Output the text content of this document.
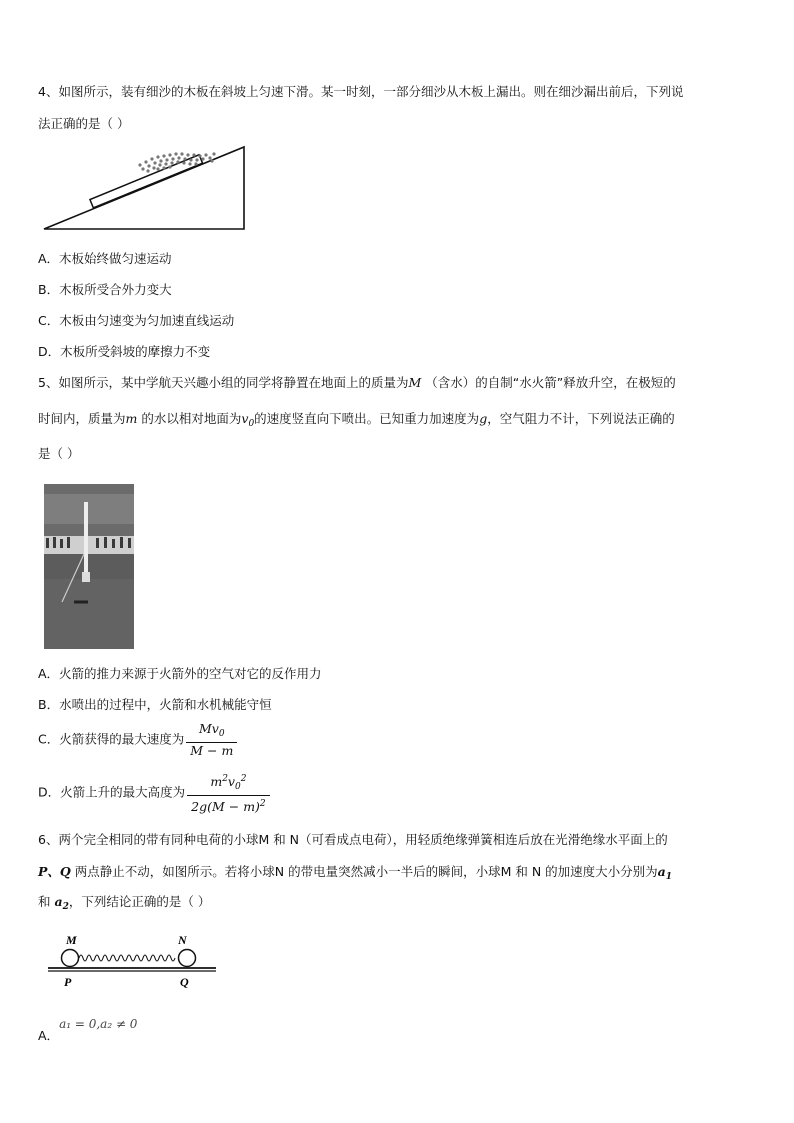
4、如图所示，装有细沙的木板在斜坡上匀速下滑。某一时刻，一部分细沙从木板上漏出。则在细沙漏出前后，下列说
法正确的是（ ）
A．木板始终做匀速运动
B．木板所受合外力变大
C．木板由匀速变为匀加速直线运动
D．木板所受斜坡的摩擦力不变
5、如图所示，某中学航天兴趣小组的同学将静置在地面上的质量为M （含水）的自制“水火箭”释放升空，在极短的
时间内，质量为m 的水以相对地面为$v_0$的速度竖直向下喷出。已知重力加速度为g，空气阻力不计，下列说法正确的
是（ ）
A．火箭的推力来源于火箭外的空气对它的反作用力
B．水喷出的过程中，火箭和水机械能守恒
C．火箭获得的最大速度为 $\frac{Mv_0}{M - m}$
D．火箭上升的最大高度为 $\frac{m^2v_0^2}{2g(M - m)^2}$
6、两个完全相同的带有同种电荷的小球M 和 N（可看成点电荷），用轻质绝缘弹簧相连后放在光滑绝缘水平面上的
P、Q 两点静止不动，如图所示。若将小球N 的带电量突然减小一半后的瞬间，小球M 和 N 的加速度大小分别为$a_1$
和 $a_2$，下列结论正确的是（ ）
M	N
P	Q
A．a₁ = 0,a₂ ≠ 0
